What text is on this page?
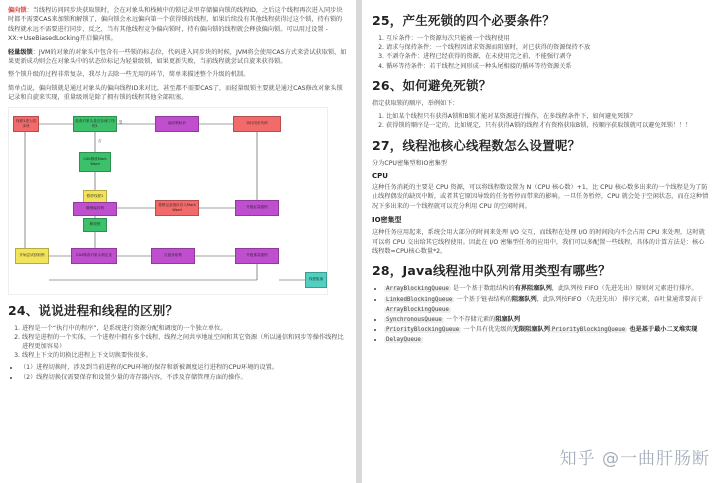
偏向锁：当线程访问同步块获取锁时，会在对象头和栈帧中的锁记录里存储偏向锁的线程ID，之后这个线程再次进入同步块时都不需要CAS来加锁和解锁了，偏向锁会永远偏向第一个获得锁的线程，如果后续没有其他线程获得过这个锁，持有锁的线程就永远不需要进行同步，反之，当有其他线程竞争偏向锁时，持有偏向锁的线程就会释放偏向锁。可以用过设置 -XX:+UseBiasedLocking开启偏向锁。

轻量级锁：JVM的对象的对象头中包含有一些锁的标志位，代码进入同步块的时候，JVM将会使用CAS方式来尝试获取锁，如果更新成功则会在对象头中的状态位标记为轻量级锁，如果更新失败，当前线程就尝试自旋来获得锁。

整个锁升级的过程非常复杂，我尽力去除一些无用的环节，简单来描述整个升级的机制。

简单点说，偏向锁就是通过对象头的偏向线程ID来对比，甚至都不需要CAS了，而轻量级锁主要就是通过CAS修改对象头锁记录和自旋来实现，重量级则是除了拥有锁的线程其他全部阻塞。

线程1进入同步块
检查对象头是否存储了线程1
偏向锁标识	执行同步代码
CAS修改Mark Word
暂停线程1
撤销偏向锁
将锁记录指针存入Mark Word
升级轻量级锁
释放锁
开始尝试获取锁	CAS修改对象头锁记录	自旋获取锁	升级重量级锁
线程阻塞
是
否
24、说说进程和线程的区别？
1. 进程是一个“执行中的程序”，是系统进行资源分配和调度的一个独立单位。
2. 线程是进程的一个实体，一个进程中拥有多个线程，线程之间共享地址空间和其它资源（所以通信和同步等操作线程比进程更加容易）
3. 线程上下文的切换比进程上下文切换要快很多。
• （1）进程切换时，涉及到当前进程的CPU环境的保存和新被调度运行进程的CPU环境的设置。
• （2）线程切换仅需要保存和设置少量的寄存器内容，不涉及存储管理方面的操作。
25，产生死锁的四个必要条件？
1. 互斥条件：一个资源每次只能被一个线程使用
2. 请求与保持条件：一个线程因请求资源而阻塞时，对已获得的资源保持不放
3. 不剥夺条件：进程已经获得的资源，在未使用完之前，不能强行剥夺
4. 循环等待条件：若干线程之间形成一种头尾相接的循环等待资源关系
26、如何避免死锁？

指定获取锁的顺序，举例如下：

1. 比如某个线程只有获得A锁和B锁才能对某资源进行操作，在多线程条件下，如何避免死锁？
2. 获得锁的顺序是一定的，比如规定，只有获得A锁的线程才有资格获取B锁，按顺序获取锁就可以避免死锁！！！
27，线程池核心线程数怎么设置呢？

分为CPU密集型和IO密集型

CPU

这种任务消耗的主要是 CPU 资源，可以将线程数设置为 N（CPU 核心数）+1，比 CPU 核心数多出来的一个线程是为了防止线程偶发的缺页中断，或者其它原因导致的任务暂停而带来的影响。一旦任务暂停，CPU 就会处于空闲状态，而在这种情况下多出来的一个线程就可以充分利用 CPU 的空闲时间。

IO密集型

这种任务应用起来，系统会用大部分的时间来处理 I/O 交互，而线程在处理 I/O 的时间段内不会占用 CPU 来处理，这时就可以将 CPU 交出给其它线程使用。因此在 I/O 密集型任务的应用中，我们可以多配置一些线程，具体的计算方法是：核心线程数=CPU核心数量*2。

28，Java线程池中队列常用类型有哪些？
• ArrayBlockingQueue 是一个基于数组结构的有界阻塞队列，此队列按 FIFO（先进先出）原则对元素进行排序。
• LinkedBlockingQueue 一个基于链表结构的阻塞队列，此队列按FIFO （先进先出） 排序元素，吞吐量通常要高于 ArrayBlockingQueue
• SynchronousQueue 一个不存储元素的阻塞队列
• PriorityBlockingQueue 一个具有优先级的无限阻塞队列 PriorityBlockingQueue 也是基于最小二叉堆实现
• DelayQueue
知乎 @一曲肝肠断
